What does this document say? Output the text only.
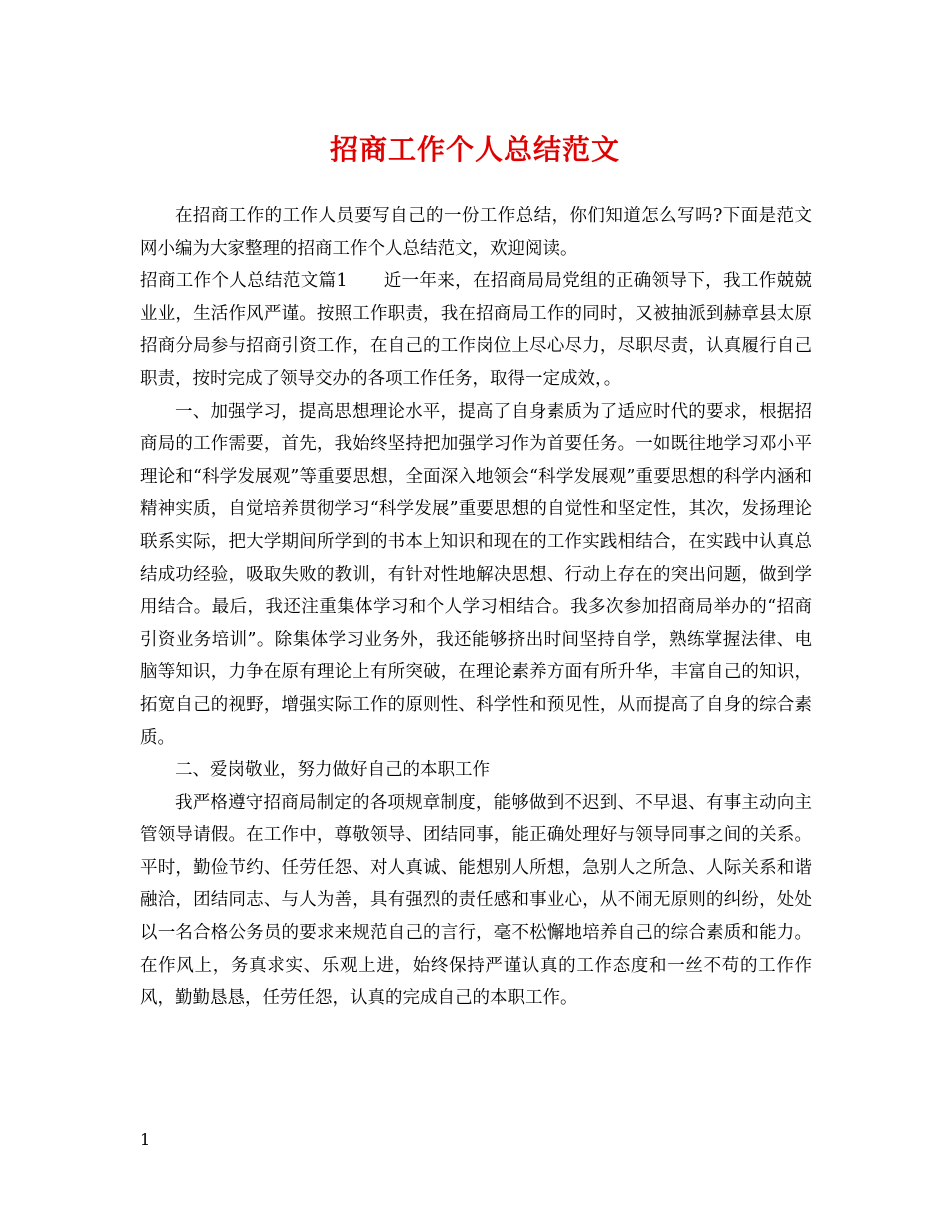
招商工作个人总结范文

在招商工作的工作人员要写自己的一份工作总结，你们知道怎么写吗?下面是范文网小编为大家整理的招商工作个人总结范文，欢迎阅读。

招商工作个人总结范文篇1　　近一年来，在招商局局党组的正确领导下，我工作兢兢业业，生活作风严谨。按照工作职责，我在招商局工作的同时，又被抽派到赫章县太原招商分局参与招商引资工作，在自己的工作岗位上尽心尽力，尽职尽责，认真履行自己职责，按时完成了领导交办的各项工作任务，取得一定成效，。

一、加强学习，提高思想理论水平，提高了自身素质为了适应时代的要求，根据招商局的工作需要，首先，我始终坚持把加强学习作为首要任务。一如既往地学习邓小平理论和“科学发展观”等重要思想，全面深入地领会“科学发展观”重要思想的科学内涵和精神实质，自觉培养贯彻学习“科学发展”重要思想的自觉性和坚定性，其次，发扬理论联系实际，把大学期间所学到的书本上知识和现在的工作实践相结合，在实践中认真总结成功经验，吸取失败的教训，有针对性地解决思想、行动上存在的突出问题，做到学用结合。最后，我还注重集体学习和个人学习相结合。我多次参加招商局举办的“招商引资业务培训”。除集体学习业务外，我还能够挤出时间坚持自学，熟练掌握法律、电脑等知识，力争在原有理论上有所突破，在理论素养方面有所升华，丰富自己的知识，拓宽自己的视野，增强实际工作的原则性、科学性和预见性，从而提高了自身的综合素质。

二、爱岗敬业，努力做好自己的本职工作

我严格遵守招商局制定的各项规章制度，能够做到不迟到、不早退、有事主动向主管领导请假。在工作中，尊敬领导、团结同事，能正确处理好与领导同事之间的关系。平时，勤俭节约、任劳任怨、对人真诚、能想别人所想，急别人之所急、人际关系和谐融洽，团结同志、与人为善，具有强烈的责任感和事业心，从不闹无原则的纠纷，处处以一名合格公务员的要求来规范自己的言行，毫不松懈地培养自己的综合素质和能力。在作风上，务真求实、乐观上进，始终保持严谨认真的工作态度和一丝不苟的工作作风，勤勤恳恳，任劳任怨，认真的完成自己的本职工作。

1
